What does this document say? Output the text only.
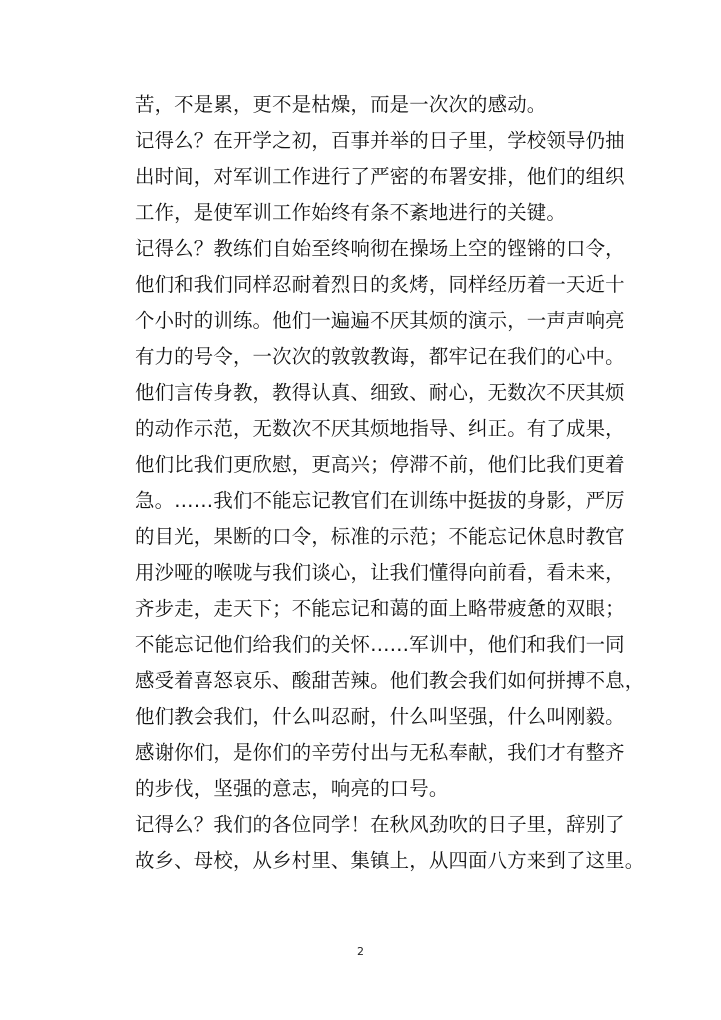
苦，不是累，更不是枯燥，而是一次次的感动。

记得么？在开学之初，百事并举的日子里，学校领导仍抽
出时间，对军训工作进行了严密的布署安排，他们的组织
工作，是使军训工作始终有条不紊地进行的关键。

记得么？教练们自始至终响彻在操场上空的铿锵的口令，
他们和我们同样忍耐着烈日的炙烤，同样经历着一天近十
个小时的训练。他们一遍遍不厌其烦的演示，一声声响亮
有力的号令，一次次的敦敦教诲，都牢记在我们的心中。
他们言传身教，教得认真、细致、耐心，无数次不厌其烦
的动作示范，无数次不厌其烦地指导、纠正。有了成果，
他们比我们更欣慰，更高兴；停滞不前，他们比我们更着
急。……我们不能忘记教官们在训练中挺拔的身影，严厉
的目光，果断的口令，标准的示范；不能忘记休息时教官
用沙哑的喉咙与我们谈心，让我们懂得向前看，看未来，
齐步走，走天下；不能忘记和蔼的面上略带疲惫的双眼；
不能忘记他们给我们的关怀……军训中，他们和我们一同
感受着喜怒哀乐、酸甜苦辣。他们教会我们如何拼搏不息，
他们教会我们，什么叫忍耐，什么叫坚强，什么叫刚毅。
感谢你们，是你们的辛劳付出与无私奉献，我们才有整齐
的步伐，坚强的意志，响亮的口号。

记得么？我们的各位同学！在秋风劲吹的日子里，辞别了
故乡、母校，从乡村里、集镇上，从四面八方来到了这里。

2
